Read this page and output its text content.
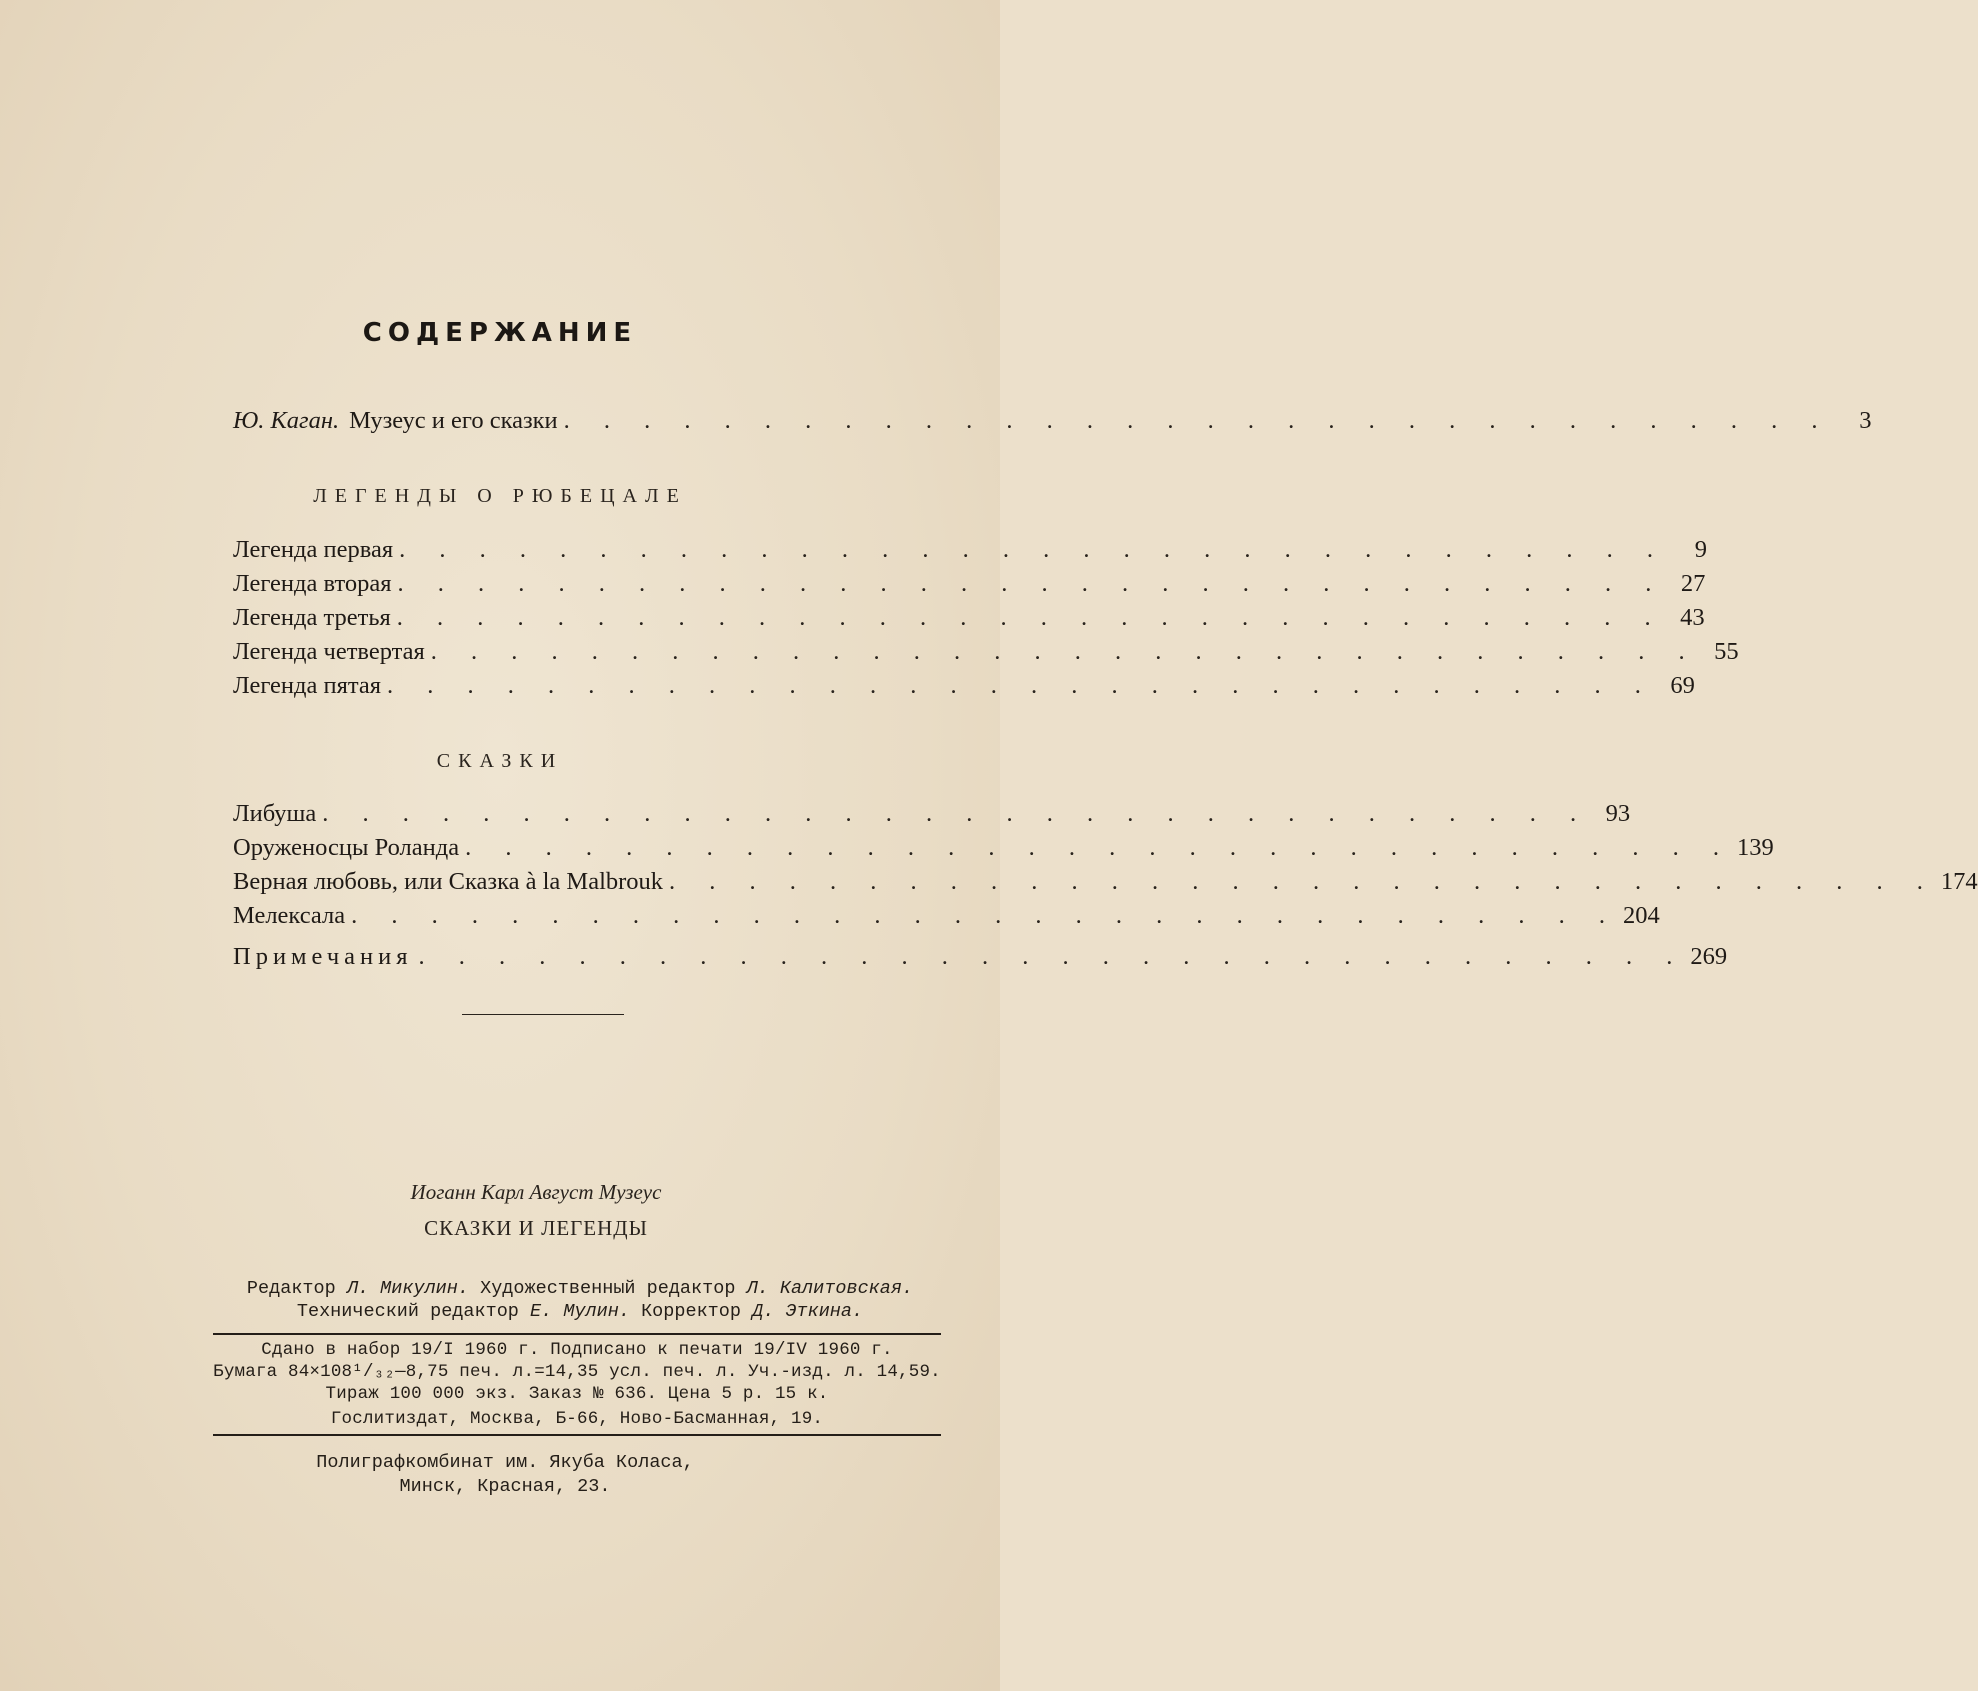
СОДЕРЖАНИЕ
Ю. Каган. Музеус и его сказки . . . . . . . . . . . . . . . . . . . . . . . . . . . . . . . .	3
ЛЕГЕНДЫ О РЮБЕЦАЛЕ
Легенда первая . . . . . . . . . . . . . . . . . . . . . . . . . . . . . . . .	9
Легенда вторая . . . . . . . . . . . . . . . . . . . . . . . . . . . . . . . . 27
Легенда третья . . . . . . . . . . . . . . . . . . . . . . . . . . . . . . . . 43
Легенда четвертая . . . . . . . . . . . . . . . . . . . . . . . . . . . . . . . . 55
Легенда пятая . . . . . . . . . . . . . . . . . . . . . . . . . . . . . . . . 69
СКАЗКИ
Либуша . . . . . . . . . . . . . . . . . . . . . . . . . . . . . . . . 93
Оруженосцы Роланда . . . . . . . . . . . . . . . . . . . . . . . . . . . . . . . . 139
Верная любовь, или Сказка à la Malbrouk . . . . . . . . . . . . . . . . . . . . . . . . . . . . . . . . 174
Мелексала . . . . . . . . . . . . . . . . . . . . . . . . . . . . . . . . 204
Примечания . . . . . . . . . . . . . . . . . . . . . . . . . . . . . . . . 269
Иоганн Карл Август Музеус
СКАЗКИ И ЛЕГЕНДЫ
Редактор Л. Микулин. Художественный редактор Л. Калитовская.
Технический редактор Е. Мулин. Корректор Д. Эткина.
Сдано в набор 19/I 1960 г. Подписано к печати 19/IV 1960 г.
Бумага 84×108¹/₃₂—8,75 печ. л.=14,35 усл. печ. л. Уч.-изд. л. 14,59.
Тираж 100 000 экз. Заказ № 636. Цена 5 р. 15 к.
Гослитиздат, Москва, Б-66, Ново-Басманная, 19.
Полиграфкомбинат им. Якуба Коласа,
Минск, Красная, 23.
